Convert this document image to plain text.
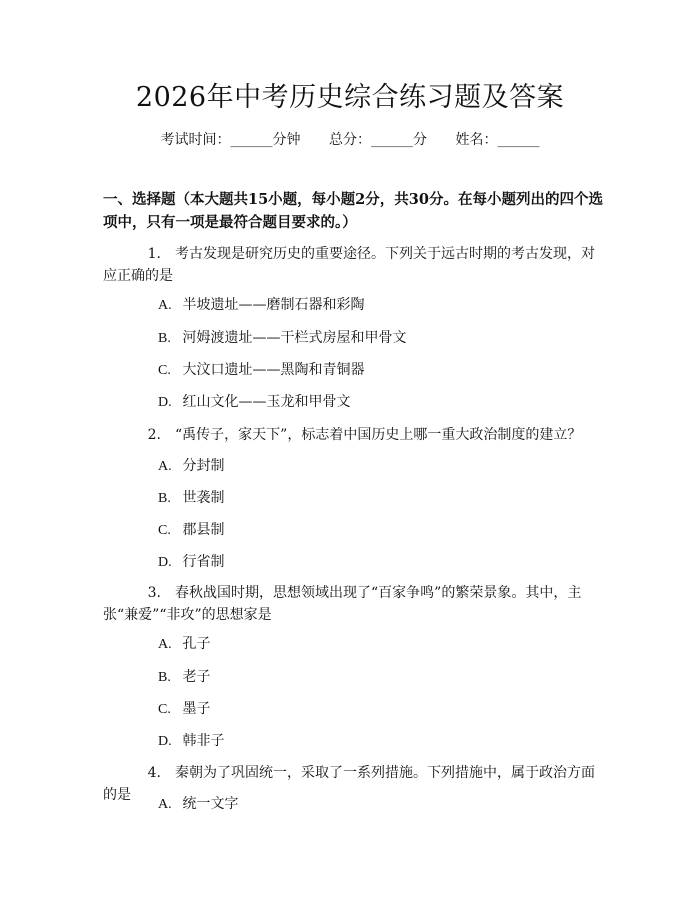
2026年中考历史综合练习题及答案
考试时间：______分钟 总分：______分 姓名：______
一、选择题（本大题共15小题，每小题2分，共30分。在每小题列出的四个选项中，只有一项是最符合题目要求的。）
1. 考古发现是研究历史的重要途径。下列关于远古时期的考古发现，对应正确的是
A. 半坡遗址——磨制石器和彩陶
B. 河姆渡遗址——干栏式房屋和甲骨文
C. 大汶口遗址——黑陶和青铜器
D. 红山文化——玉龙和甲骨文
2. “禹传子，家天下”，标志着中国历史上哪一重大政治制度的建立？
A. 分封制
B. 世袭制
C. 郡县制
D. 行省制
3. 春秋战国时期，思想领域出现了“百家争鸣”的繁荣景象。其中，主张“兼爱”“非攻”的思想家是
A. 孔子
B. 老子
C. 墨子
D. 韩非子
4. 秦朝为了巩固统一，采取了一系列措施。下列措施中，属于政治方面的是
A. 统一文字
